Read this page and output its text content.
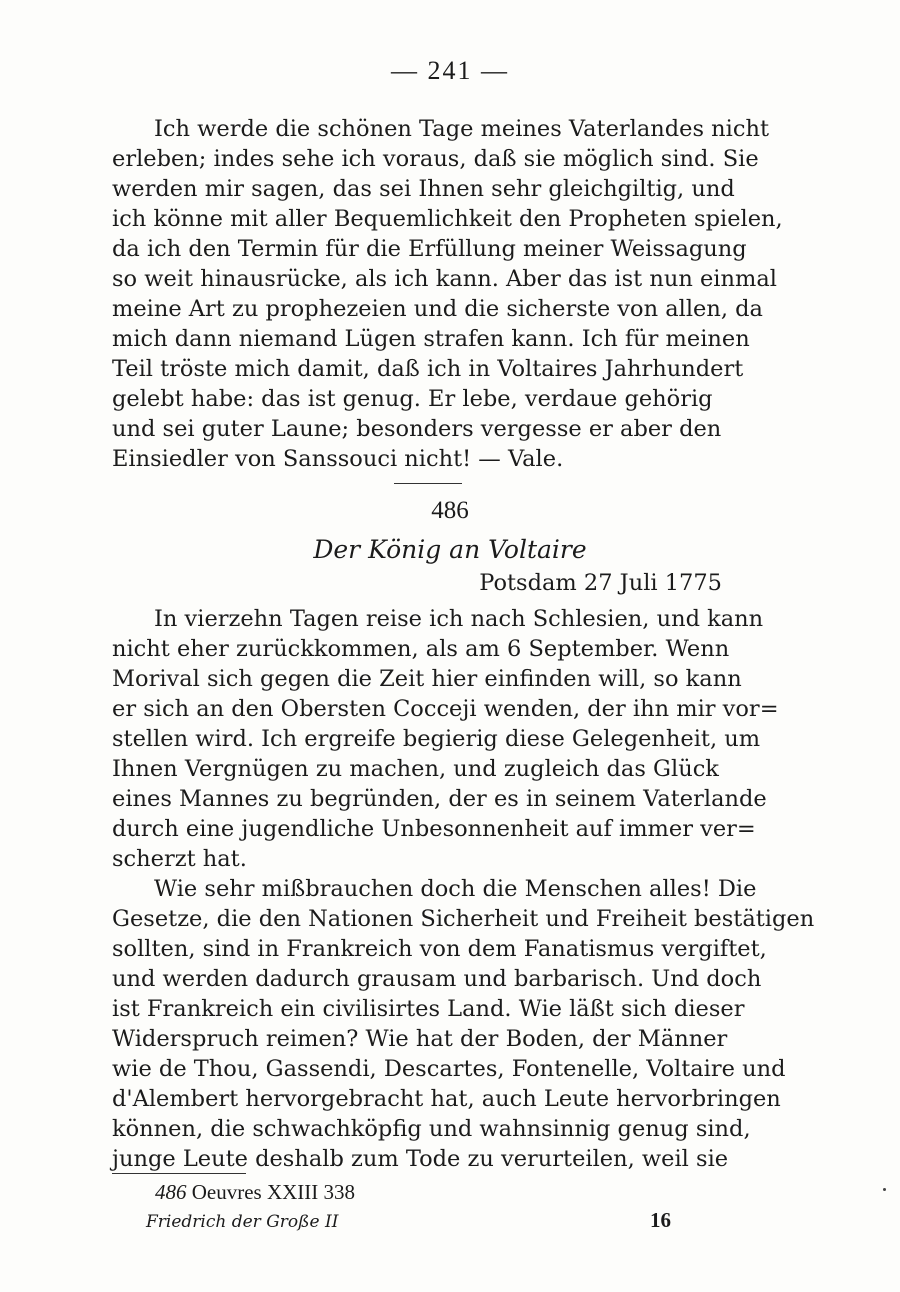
— 241 —
Ich werde die schönen Tage meines Vaterlandes nicht
erleben; indes sehe ich voraus, daß sie möglich sind. Sie
werden mir sagen, das sei Ihnen sehr gleichgiltig, und
ich könne mit aller Bequemlichkeit den Propheten spielen,
da ich den Termin für die Erfüllung meiner Weissagung
so weit hinausrücke, als ich kann. Aber das ist nun einmal
meine Art zu prophezeien und die sicherste von allen, da
mich dann niemand Lügen strafen kann. Ich für meinen
Teil tröste mich damit, daß ich in Voltaires Jahrhundert
gelebt habe: das ist genug. Er lebe, verdaue gehörig
und sei guter Laune; besonders vergesse er aber den
Einsiedler von Sanssouci nicht! — Vale.
486
Der König an Voltaire
Potsdam 27 Juli 1775
In vierzehn Tagen reise ich nach Schlesien, und kann
nicht eher zurückkommen, als am 6 September. Wenn
Morival sich gegen die Zeit hier einfinden will, so kann
er sich an den Obersten Cocceji wenden, der ihn mir vor=
stellen wird. Ich ergreife begierig diese Gelegenheit, um
Ihnen Vergnügen zu machen, und zugleich das Glück
eines Mannes zu begründen, der es in seinem Vaterlande
durch eine jugendliche Unbesonnenheit auf immer ver=
scherzt hat.
Wie sehr mißbrauchen doch die Menschen alles! Die
Gesetze, die den Nationen Sicherheit und Freiheit bestätigen
sollten, sind in Frankreich von dem Fanatismus vergiftet,
und werden dadurch grausam und barbarisch. Und doch
ist Frankreich ein civilisirtes Land. Wie läßt sich dieser
Widerspruch reimen? Wie hat der Boden, der Männer
wie de Thou, Gassendi, Descartes, Fontenelle, Voltaire und
d'Alembert hervorgebracht hat, auch Leute hervorbringen
können, die schwachköpfig und wahnsinnig genug sind,
junge Leute deshalb zum Tode zu verurteilen, weil sie
486 Oeuvres XXIII 338
Friedrich der Große II	16
